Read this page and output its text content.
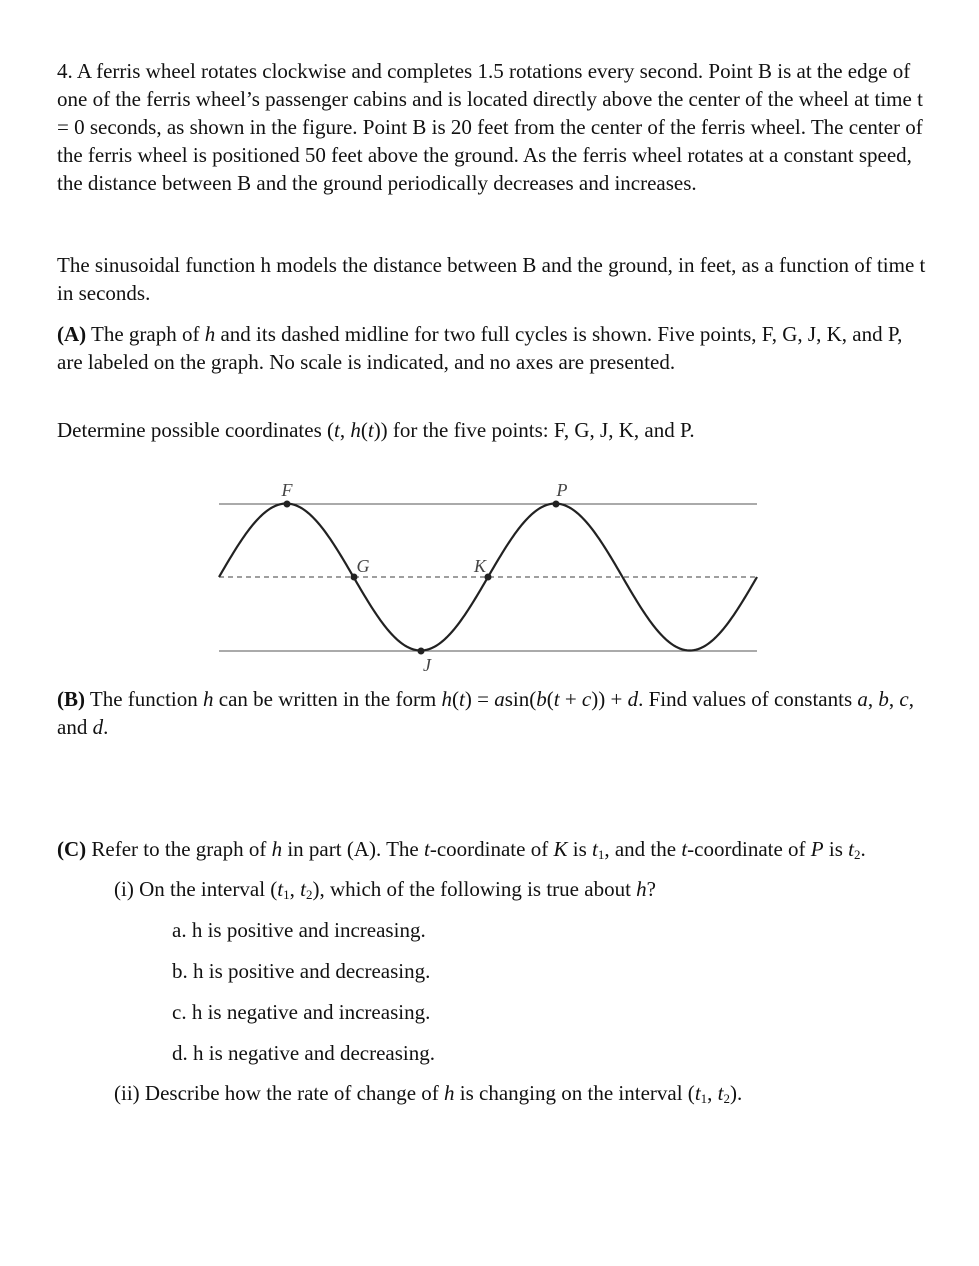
4. A ferris wheel rotates clockwise and completes 1.5 rotations every second. Point B is at the edge of one of the ferris wheel’s passenger cabins and is located directly above the center of the wheel at time t = 0 seconds, as shown in the figure. Point B is 20 feet from the center of the ferris wheel. The center of the ferris wheel is positioned 50 feet above the ground. As the ferris wheel rotates at a constant speed, the distance between B and the ground periodically decreases and increases.

The sinusoidal function h models the distance between B and the ground, in feet, as a function of time t in seconds.

(A) The graph of h and its dashed midline for two full cycles is shown. Five points, F, G, J, K, and P, are labeled on the graph. No scale is indicated, and no axes are presented.

Determine possible coordinates (t, h(t)) for the five points: F, G, J, K, and P.

(B) The function h can be written in the form h(t) = asin(b(t + c)) + d. Find values of constants a, b, c, and d.

(C) Refer to the graph of h in part (A). The t-coordinate of K is $t_1$, and the t-coordinate of P is $t_2$.

(i) On the interval ($t_1$, $t_2$), which of the following is true about h?

a. h is positive and increasing.

b. h is positive and decreasing.

c. h is negative and increasing.

d. h is negative and decreasing.

(ii) Describe how the rate of change of h is changing on the interval ($t_1$, $t_2$).

F
G	K
P
J
